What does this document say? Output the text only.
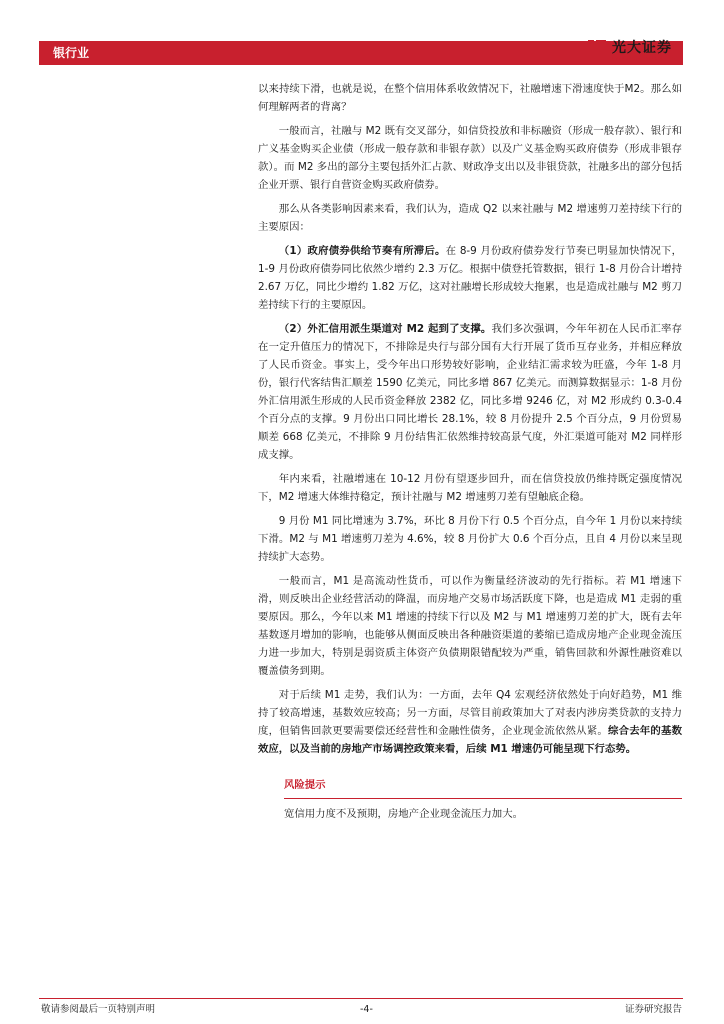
银行业	光大证券
EVERBRIGHT SECURITIES

以来持续下滑，也就是说，在整个信用体系收敛情况下，社融增速下滑速度快于M2。那么如何理解两者的背离？

一般而言，社融与 M2 既有交叉部分，如信贷投放和非标融资（形成一般存款）、银行和广义基金购买企业债（形成一般存款和非银存款）以及广义基金购买政府债券（形成非银存款）。而 M2 多出的部分主要包括外汇占款、财政净支出以及非银贷款，社融多出的部分包括企业开票、银行自营资金购买政府债券。

那么从各类影响因素来看，我们认为，造成 Q2 以来社融与 M2 增速剪刀差持续下行的主要原因：

（1）政府债券供给节奏有所滞后。在 8-9 月份政府债券发行节奏已明显加快情况下，1-9 月份政府债券同比依然少增约 2.3 万亿。根据中债登托管数据，银行 1-8 月份合计增持 2.67 万亿，同比少增约 1.82 万亿，这对社融增长形成较大拖累，也是造成社融与 M2 剪刀差持续下行的主要原因。

（2）外汇信用派生渠道对 M2 起到了支撑。我们多次强调，今年年初在人民币汇率存在一定升值压力的情况下，不排除是央行与部分国有大行开展了货币互存业务，并相应释放了人民币资金。事实上，受今年出口形势较好影响，企业结汇需求较为旺盛，今年 1-8 月份，银行代客结售汇顺差 1590 亿美元，同比多增 867 亿美元。而测算数据显示：1-8 月份外汇信用派生形成的人民币资金释放 2382 亿，同比多增 9246 亿，对 M2 形成约 0.3-0.4 个百分点的支撑。9 月份出口同比增长 28.1%，较 8 月份提升 2.5 个百分点，9 月份贸易顺差 668 亿美元，不排除 9 月份结售汇依然维持较高景气度，外汇渠道可能对 M2 同样形成支撑。

年内来看，社融增速在 10-12 月份有望逐步回升，而在信贷投放仍维持既定强度情况下，M2 增速大体维持稳定，预计社融与 M2 增速剪刀差有望触底企稳。

9 月份 M1 同比增速为 3.7%，环比 8 月份下行 0.5 个百分点，自今年 1 月份以来持续下滑。M2 与 M1 增速剪刀差为 4.6%，较 8 月份扩大 0.6 个百分点，且自 4 月份以来呈现持续扩大态势。

一般而言，M1 是高流动性货币，可以作为衡量经济波动的先行指标。若 M1 增速下滑，则反映出企业经营活动的降温，而房地产交易市场活跃度下降，也是造成 M1 走弱的重要原因。那么，今年以来 M1 增速的持续下行以及 M2 与 M1 增速剪刀差的扩大，既有去年基数逐月增加的影响，也能够从侧面反映出各种融资渠道的萎缩已造成房地产企业现金流压力进一步加大，特别是弱资质主体资产负债期限错配较为严重，销售回款和外源性融资难以覆盖债务到期。

对于后续 M1 走势，我们认为：一方面，去年 Q4 宏观经济依然处于向好趋势，M1 维持了较高增速，基数效应较高；另一方面，尽管目前政策加大了对表内涉房类贷款的支持力度，但销售回款更要需要偿还经营性和金融性债务，企业现金流依然从紧。综合去年的基数效应，以及当前的房地产市场调控政策来看，后续 M1 增速仍可能呈现下行态势。

风险提示

宽信用力度不及预期，房地产企业现金流压力加大。

敬请参阅最后一页特别声明	-4-	证券研究报告
